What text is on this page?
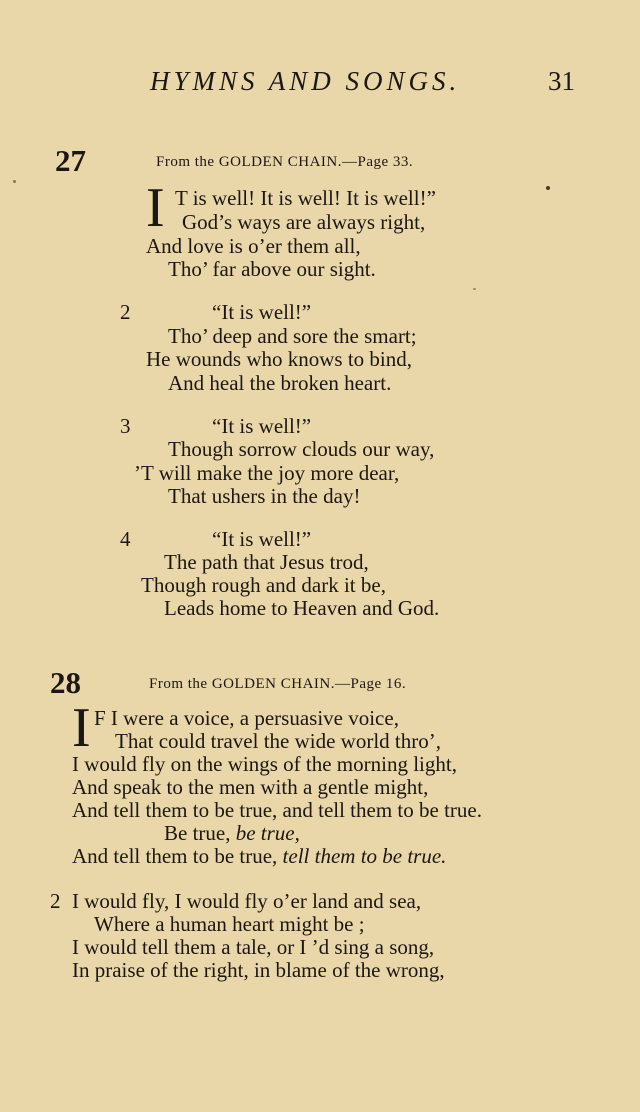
HYMNS AND SONGS.	31
27	From the GOLDEN CHAIN.—Page 33.
I T is well! It is well! It is well!”
God’s ways are always right,
And love is o’er them all,
Tho’ far above our sight.
2	“It is well!”
Tho’ deep and sore the smart;
He wounds who knows to bind,
And heal the broken heart.
3	“It is well!”
Though sorrow clouds our way,
’T will make the joy more dear,
That ushers in the day!
4	“It is well!”
The path that Jesus trod,
Though rough and dark it be,
Leads home to Heaven and God.
28	From the GOLDEN CHAIN.—Page 16.
I F I were a voice, a persuasive voice,
That could travel the wide world thro’,
I would fly on the wings of the morning light,
And speak to the men with a gentle might,
And tell them to be true, and tell them to be true.
Be true, be true,
And tell them to be true, tell them to be true.
2 I would fly, I would fly o’er land and sea,
Where a human heart might be ;
I would tell them a tale, or I ’d sing a song,
In praise of the right, in blame of the wrong,
